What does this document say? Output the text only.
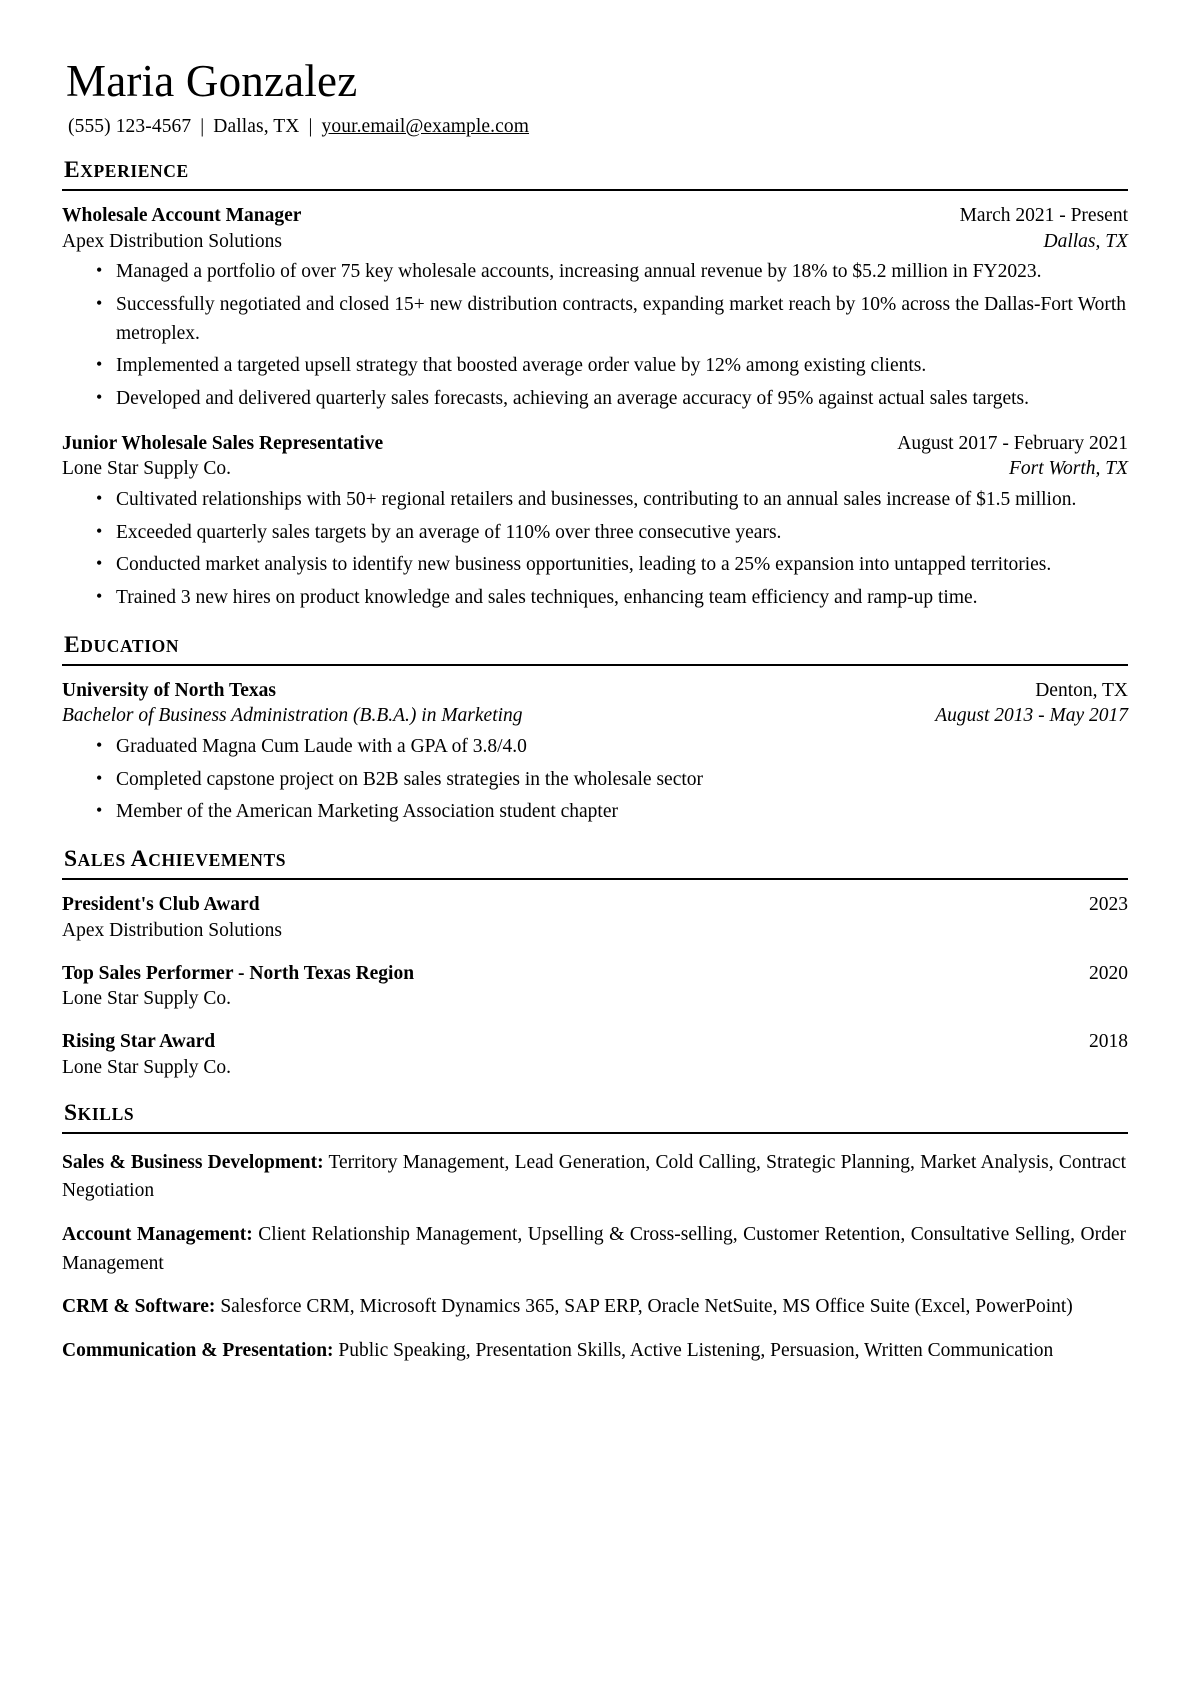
Maria Gonzalez
(555) 123-4567 | Dallas, TX | your.email@example.com
EXPERIENCE
Wholesale Account Manager	March 2021 - Present
Apex Distribution Solutions	Dallas, TX
• Managed a portfolio of over 75 key wholesale accounts, increasing annual revenue by 18% to $5.2 million in FY2023.
• Successfully negotiated and closed 15+ new distribution contracts, expanding market reach by 10% across the Dallas-Fort Worth metroplex.
• Implemented a targeted upsell strategy that boosted average order value by 12% among existing clients.
• Developed and delivered quarterly sales forecasts, achieving an average accuracy of 95% against actual sales targets.
Junior Wholesale Sales Representative	August 2017 - February 2021
Lone Star Supply Co.	Fort Worth, TX
• Cultivated relationships with 50+ regional retailers and businesses, contributing to an annual sales increase of $1.5 million.
• Exceeded quarterly sales targets by an average of 110% over three consecutive years.
• Conducted market analysis to identify new business opportunities, leading to a 25% expansion into untapped territories.
• Trained 3 new hires on product knowledge and sales techniques, enhancing team efficiency and ramp-up time.
EDUCATION
University of North Texas	Denton, TX
Bachelor of Business Administration (B.B.A.) in Marketing	August 2013 - May 2017
• Graduated Magna Cum Laude with a GPA of 3.8/4.0
• Completed capstone project on B2B sales strategies in the wholesale sector
• Member of the American Marketing Association student chapter
SALES ACHIEVEMENTS
President's Club Award	2023
Apex Distribution Solutions
Top Sales Performer - North Texas Region	2020
Lone Star Supply Co.
Rising Star Award	2018
Lone Star Supply Co.
SKILLS
Sales & Business Development: Territory Management, Lead Generation, Cold Calling, Strategic Planning, Market Analysis, Contract Negotiation
Account Management: Client Relationship Management, Upselling & Cross-selling, Customer Retention, Consultative Selling, Order Management
CRM & Software: Salesforce CRM, Microsoft Dynamics 365, SAP ERP, Oracle NetSuite, MS Office Suite (Excel, PowerPoint)
Communication & Presentation: Public Speaking, Presentation Skills, Active Listening, Persuasion, Written Communication
